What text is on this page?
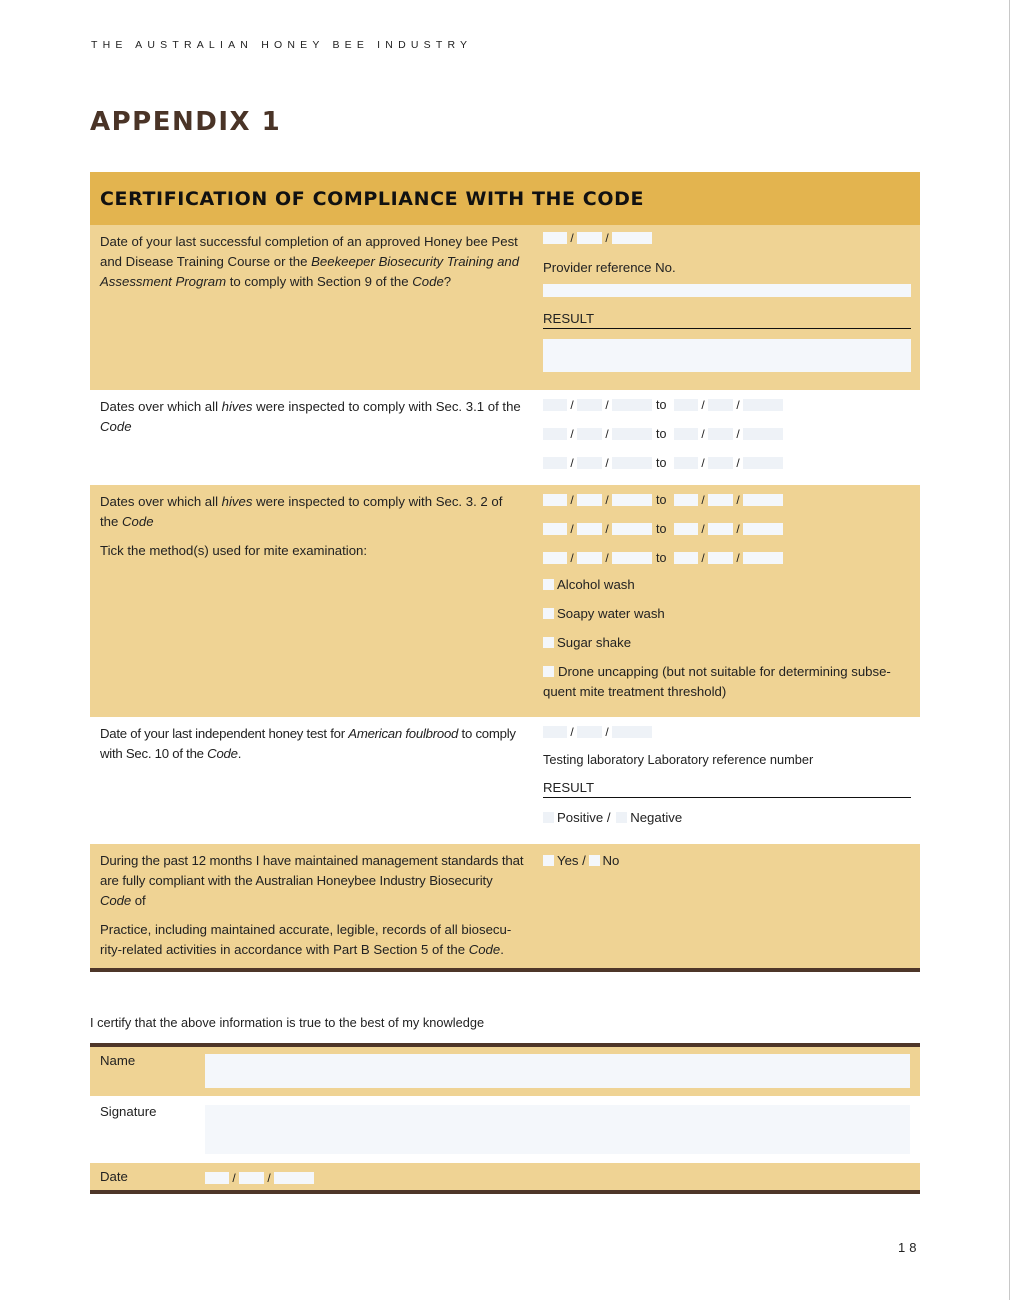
THE AUSTRALIAN HONEY BEE INDUSTRY
APPENDIX 1
CERTIFICATION OF COMPLIANCE WITH THE CODE

Date of your last successful completion of an approved Honey bee Pest and Disease Training Course or the Beekeeper Biosecurity Training and Assessment Program to comply with Section 9 of the Code?

/	/
Provider reference No.
RESULT

Dates over which all hives were inspected to comply with Sec. 3.1 of the Code

/	/	to	/	/
/	/	to	/	/
/	/	to	/	/

Dates over which all hives were inspected to comply with Sec. 3. 2 of the Code

Tick the method(s) used for mite examination:

/	/	to	/	/
/	/	to	/	/
/	/	to	/	/
Alcohol wash
Soapy water wash
Sugar shake
Drone uncapping (but not suitable for determining subse-quent mite treatment threshold)

Date of your last independent honey test for American foulbrood to comply with Sec. 10 of the Code.

/	/
Testing laboratory Laboratory reference number
RESULT
Positive / Negative

During the past 12 months I have maintained management standards that are fully compliant with the Australian Honeybee Industry Biosecurity Code of

Practice, including maintained accurate, legible, records of all biosecu-rity-related activities in accordance with Part B Section 5 of the Code.

Yes / No
I certify that the above information is true to the best of my knowledge
Name
Signature
Date	/	/
18
